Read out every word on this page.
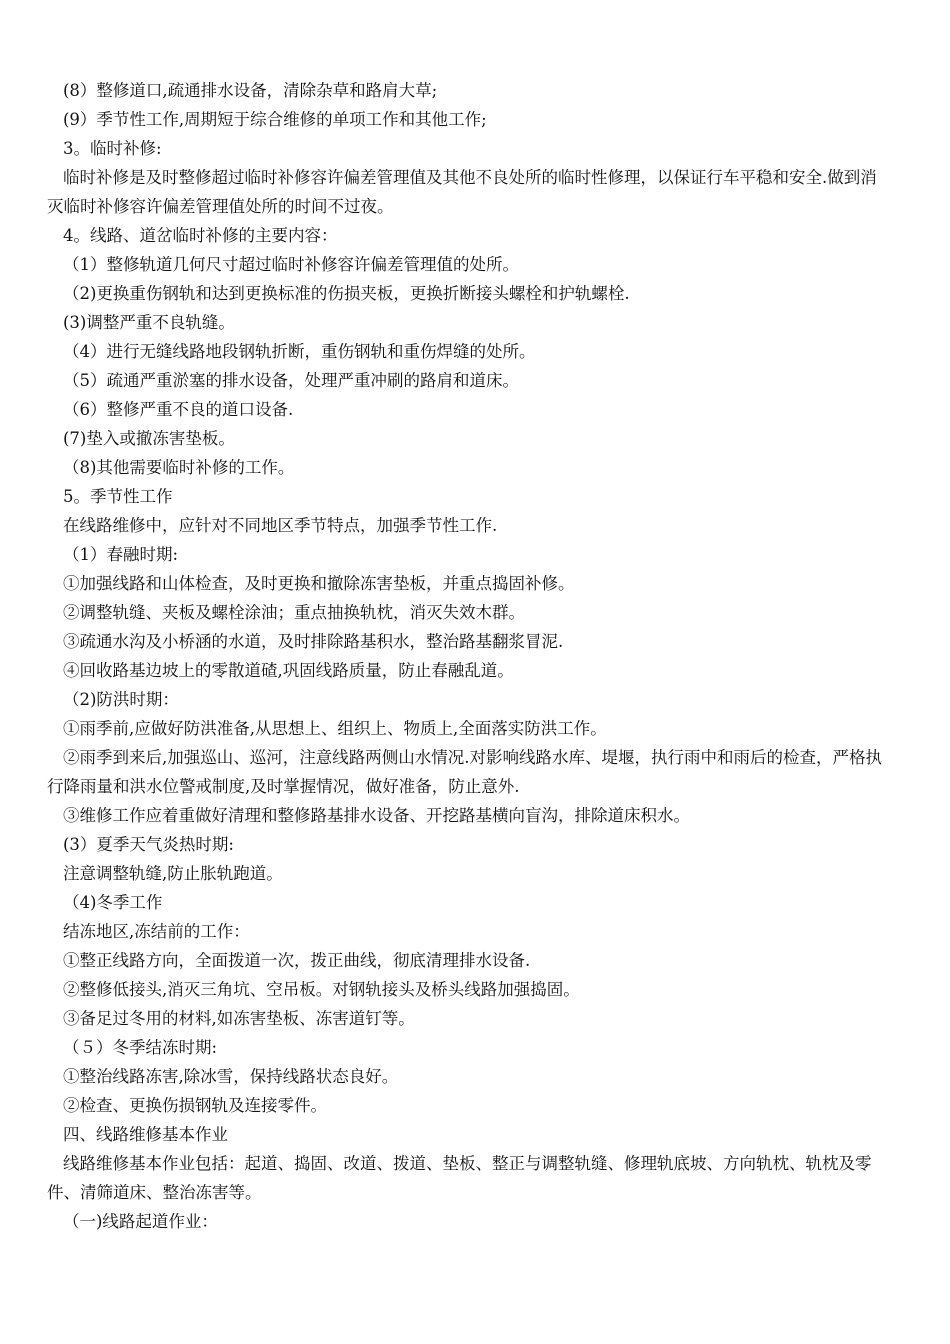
(8）整修道口,疏通排水设备，清除杂草和路肩大草;
(9）季节性工作,周期短于综合维修的单项工作和其他工作;
3。临时补修:
临时补修是及时整修超过临时补修容许偏差管理值及其他不良处所的临时性修理，以保证行车平稳和安全.做到消灭临时补修容许偏差管理值处所的时间不过夜。
4。线路、道岔临时补修的主要内容：
（1）整修轨道几何尺寸超过临时补修容许偏差管理值的处所。
（2)更换重伤钢轨和达到更换标准的伤损夹板，更换折断接头螺栓和护轨螺栓.
(3)调整严重不良轨缝。
（4）进行无缝线路地段钢轨折断，重伤钢轨和重伤焊缝的处所。
（5）疏通严重淤塞的排水设备，处理严重冲刷的路肩和道床。
（6）整修严重不良的道口设备.
(7)垫入或撤冻害垫板。
（8)其他需要临时补修的工作。
5。季节性工作
在线路维修中，应针对不同地区季节特点，加强季节性工作.
（1）春融时期:
①加强线路和山体检查，及时更换和撤除冻害垫板，并重点捣固补修。
②调整轨缝、夹板及螺栓涂油；重点抽换轨枕，消灭失效木群。
③疏通水沟及小桥涵的水道，及时排除路基积水，整治路基翻浆冒泥.
④回收路基边坡上的零散道碴,巩固线路质量，防止春融乱道。
（2)防洪时期：
①雨季前,应做好防洪准备,从思想上、组织上、物质上,全面落实防洪工作。
②雨季到来后,加强巡山、巡河，注意线路两侧山水情况.对影响线路水库、堤堰，执行雨中和雨后的检查，严格执行降雨量和洪水位警戒制度,及时掌握情况，做好准备，防止意外.
③维修工作应着重做好清理和整修路基排水设备、开挖路基横向盲沟，排除道床积水。
(3）夏季天气炎热时期:
注意调整轨缝,防止胀轨跑道。
（4)冬季工作
结冻地区,冻结前的工作：
①整正线路方向，全面拨道一次，拨正曲线，彻底清理排水设备.
②整修低接头,消灭三角坑、空吊板。对钢轨接头及桥头线路加强捣固。
③备足过冬用的材料,如冻害垫板、冻害道钉等。
（５）冬季结冻时期:
①整治线路冻害,除冰雪，保持线路状态良好。
②检查、更换伤损钢轨及连接零件。
四、线路维修基本作业
线路维修基本作业包括：起道、捣固、改道、拨道、垫板、整正与调整轨缝、修理轨底坡、方向轨枕、轨枕及零件、清筛道床、整治冻害等。
（一)线路起道作业：
